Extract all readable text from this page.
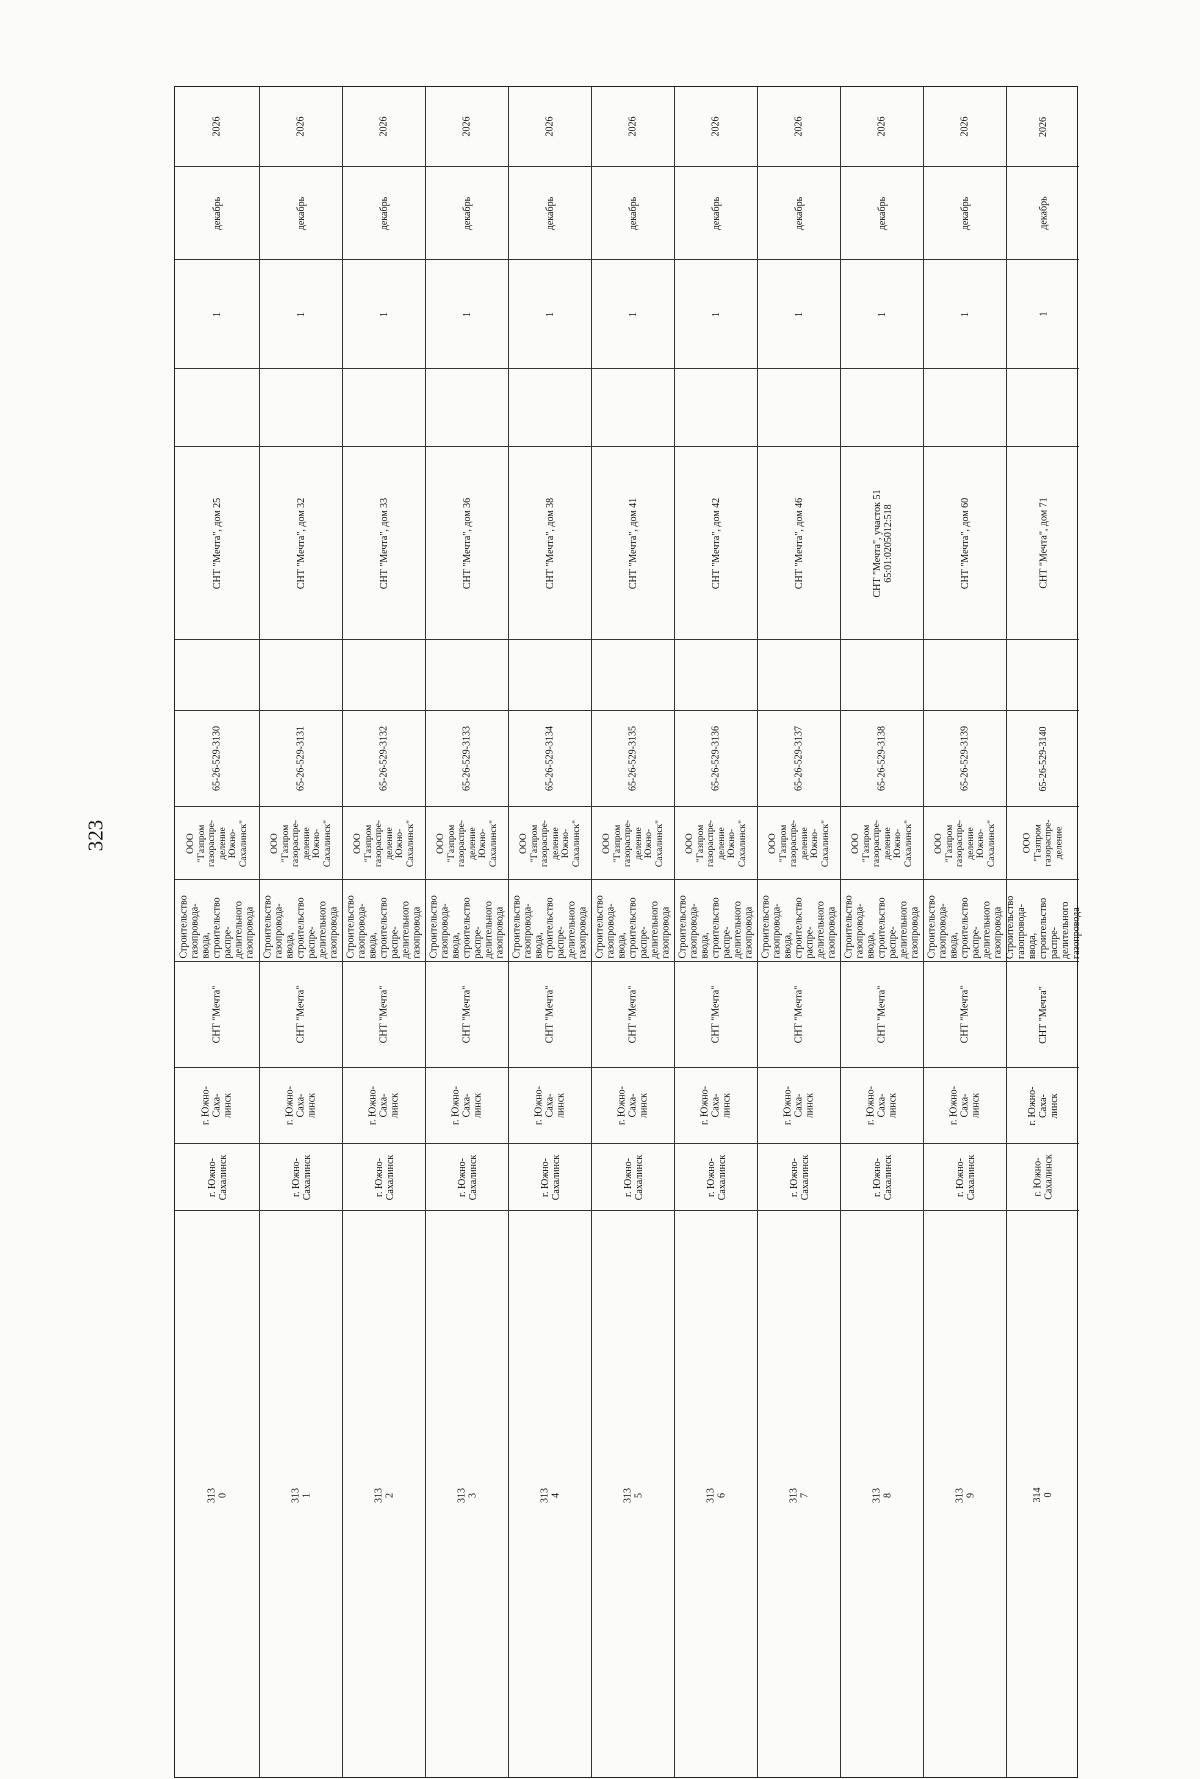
323
2026
декабрь
1
СНТ "Мечта", дом 25
65-26-529-3130
ООО
"Газпром
газораспре-
деление
Южно-
Сахалинск"
Строительство газопровода-
ввода, строительство распре-
делительного газопровода
СНТ "Мечта"
г. Южно-
Саха-
линск
г. Южно-
Сахалинск
313
0
2026
декабрь
1
СНТ "Мечта", дом 32
65-26-529-3131
ООО
"Газпром
газораспре-
деление
Южно-
Сахалинск"
Строительство газопровода-
ввода, строительство распре-
делительного газопровода
СНТ "Мечта"
г. Южно-
Саха-
линск
г. Южно-
Сахалинск
313
1
2026
декабрь
1
СНТ "Мечта", дом 33
65-26-529-3132
ООО
"Газпром
газораспре-
деление
Южно-
Сахалинск"
Строительство газопровода-
ввода, строительство распре-
делительного газопровода
СНТ "Мечта"
г. Южно-
Саха-
линск
г. Южно-
Сахалинск
313
2
2026
декабрь
1
СНТ "Мечта", дом 36
65-26-529-3133
ООО
"Газпром
газораспре-
деление
Южно-
Сахалинск"
Строительство газопровода-
ввода, строительство распре-
делительного газопровода
СНТ "Мечта"
г. Южно-
Саха-
линск
г. Южно-
Сахалинск
313
3
2026
декабрь
1
СНТ "Мечта", дом 38
65-26-529-3134
ООО
"Газпром
газораспре-
деление
Южно-
Сахалинск"
Строительство газопровода-
ввода, строительство распре-
делительного газопровода
СНТ "Мечта"
г. Южно-
Саха-
линск
г. Южно-
Сахалинск
313
4
2026
декабрь
1
СНТ "Мечта", дом 41
65-26-529-3135
ООО
"Газпром
газораспре-
деление
Южно-
Сахалинск"
Строительство газопровода-
ввода, строительство распре-
делительного газопровода
СНТ "Мечта"
г. Южно-
Саха-
линск
г. Южно-
Сахалинск
313
5
2026
декабрь
1
СНТ "Мечта", дом 42
65-26-529-3136
ООО
"Газпром
газораспре-
деление
Южно-
Сахалинск"
Строительство газопровода-
ввода, строительство распре-
делительного газопровода
СНТ "Мечта"
г. Южно-
Саха-
линск
г. Южно-
Сахалинск
313
6
2026
декабрь
1
СНТ "Мечта", дом 46
65-26-529-3137
ООО
"Газпром
газораспре-
деление
Южно-
Сахалинск"
Строительство газопровода-
ввода, строительство распре-
делительного газопровода
СНТ "Мечта"
г. Южно-
Саха-
линск
г. Южно-
Сахалинск
313
7
2026
декабрь
1
СНТ "Мечта", участок 51
65:01:0205012:518
65-26-529-3138
ООО
"Газпром
газораспре-
деление
Южно-
Сахалинск"
Строительство газопровода-
ввода, строительство распре-
делительного газопровода
СНТ "Мечта"
г. Южно-
Саха-
линск
г. Южно-
Сахалинск
313
8
2026
декабрь
1
СНТ "Мечта", дом 60
65-26-529-3139
ООО
"Газпром
газораспре-
деление
Южно-
Сахалинск"
Строительство газопровода-
ввода, строительство распре-
делительного газопровода
СНТ "Мечта"
г. Южно-
Саха-
линск
г. Южно-
Сахалинск
313
9
2026
декабрь
1
СНТ "Мечта", дом 71
65-26-529-3140
ООО
"Газпром
газораспре-
деление
Строительство газопровода-
ввода, строительство распре-
делительного газопровода
СНТ "Мечта"
г. Южно-
Саха-
линск
г. Южно-
Сахалинск
314
0
